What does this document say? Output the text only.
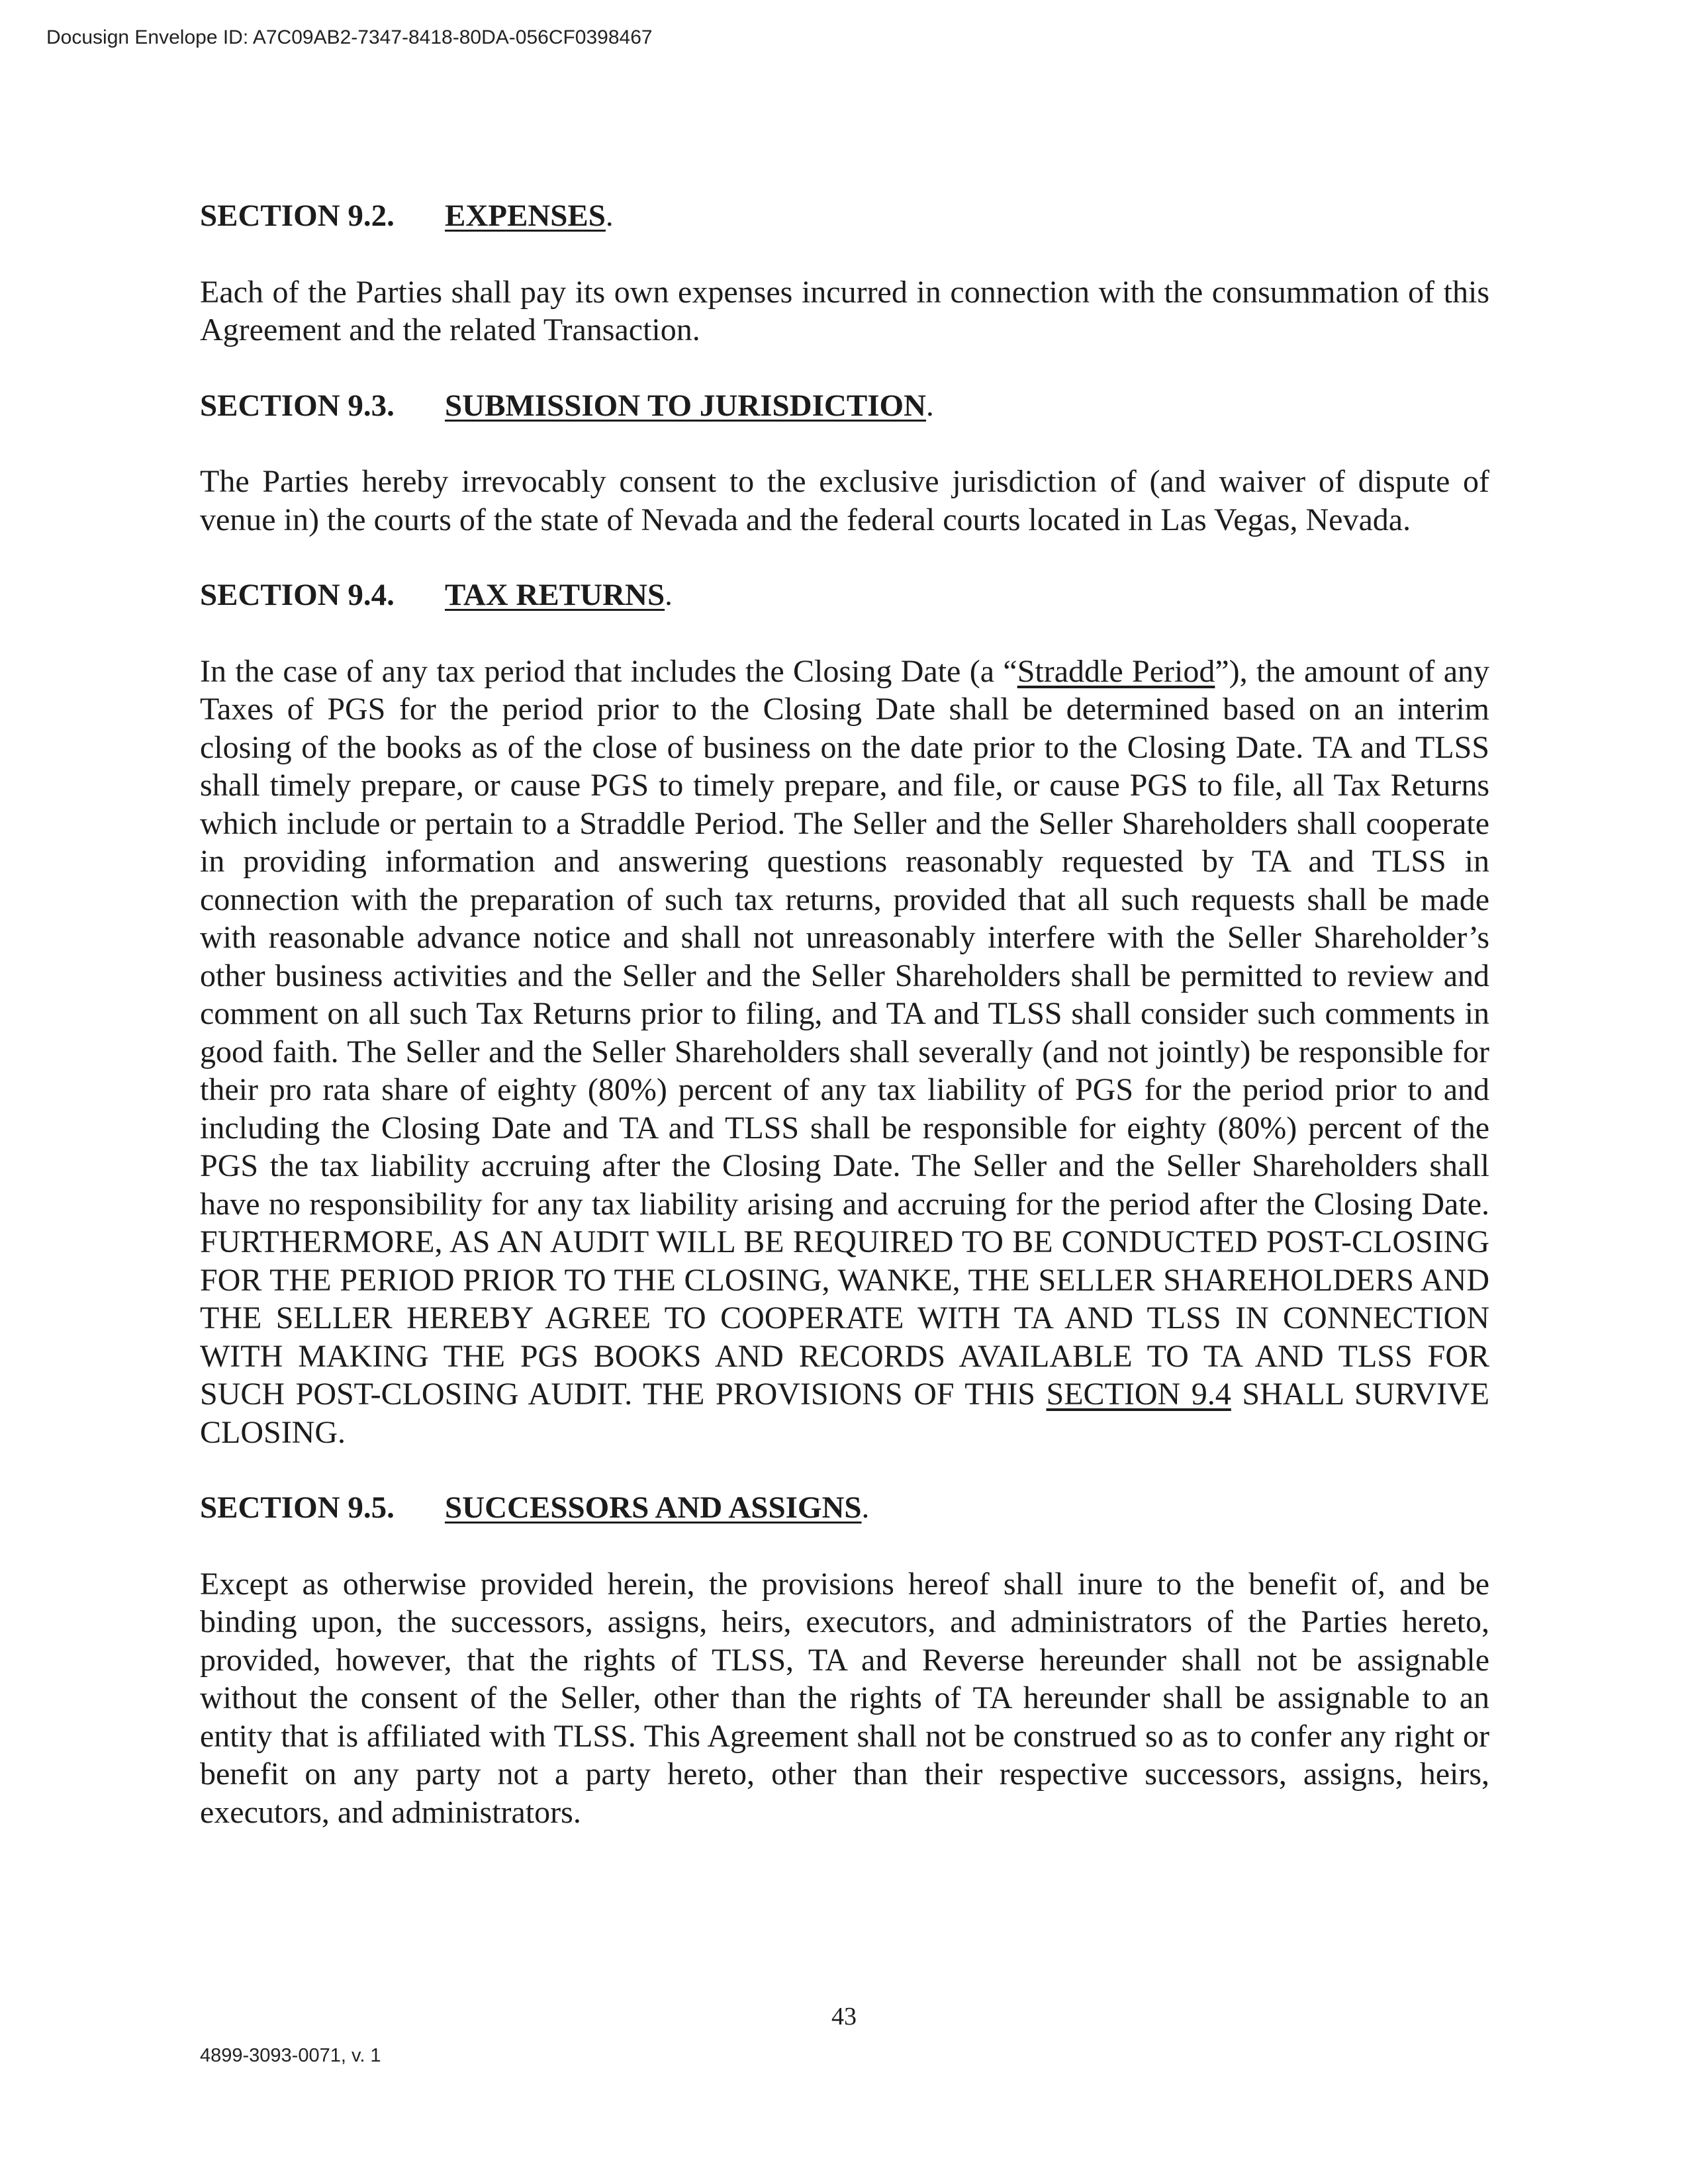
Docusign Envelope ID: A7C09AB2-7347-8418-80DA-056CF0398467
SECTION 9.2. EXPENSES.

Each of the Parties shall pay its own expenses incurred in connection with the consummation of this Agreement and the related Transaction.

SECTION 9.3. SUBMISSION TO JURISDICTION.

The Parties hereby irrevocably consent to the exclusive jurisdiction of (and waiver of dispute of venue in) the courts of the state of Nevada and the federal courts located in Las Vegas, Nevada.

SECTION 9.4. TAX RETURNS.

In the case of any tax period that includes the Closing Date (a “Straddle Period”), the amount of any Taxes of PGS for the period prior to the Closing Date shall be determined based on an interim closing of the books as of the close of business on the date prior to the Closing Date. TA and TLSS shall timely prepare, or cause PGS to timely prepare, and file, or cause PGS to file, all Tax Returns which include or pertain to a Straddle Period. The Seller and the Seller Shareholders shall cooperate in providing information and answering questions reasonably requested by TA and TLSS in connection with the preparation of such tax returns, provided that all such requests shall be made with reasonable advance notice and shall not unreasonably interfere with the Seller Shareholder’s other business activities and the Seller and the Seller Shareholders shall be permitted to review and comment on all such Tax Returns prior to filing, and TA and TLSS shall consider such comments in good faith. The Seller and the Seller Shareholders shall severally (and not jointly) be responsible for their pro rata share of eighty (80%) percent of any tax liability of PGS for the period prior to and including the Closing Date and TA and TLSS shall be responsible for eighty (80%) percent of the PGS the tax liability accruing after the Closing Date. The Seller and the Seller Shareholders shall have no responsibility for any tax liability arising and accruing for the period after the Closing Date. FURTHERMORE, AS AN AUDIT WILL BE REQUIRED TO BE CONDUCTED POST-CLOSING FOR THE PERIOD PRIOR TO THE CLOSING, WANKE, THE SELLER SHAREHOLDERS AND THE SELLER HEREBY AGREE TO COOPERATE WITH TA AND TLSS IN CONNECTION WITH MAKING THE PGS BOOKS AND RECORDS AVAILABLE TO TA AND TLSS FOR SUCH POST-CLOSING AUDIT. THE PROVISIONS OF THIS SECTION 9.4 SHALL SURVIVE CLOSING.

SECTION 9.5. SUCCESSORS AND ASSIGNS.

Except as otherwise provided herein, the provisions hereof shall inure to the benefit of, and be binding upon, the successors, assigns, heirs, executors, and administrators of the Parties hereto, provided, however, that the rights of TLSS, TA and Reverse hereunder shall not be assignable without the consent of the Seller, other than the rights of TA hereunder shall be assignable to an entity that is affiliated with TLSS. This Agreement shall not be construed so as to confer any right or benefit on any party not a party hereto, other than their respective successors, assigns, heirs, executors, and administrators.

43
4899-3093-0071, v. 1
